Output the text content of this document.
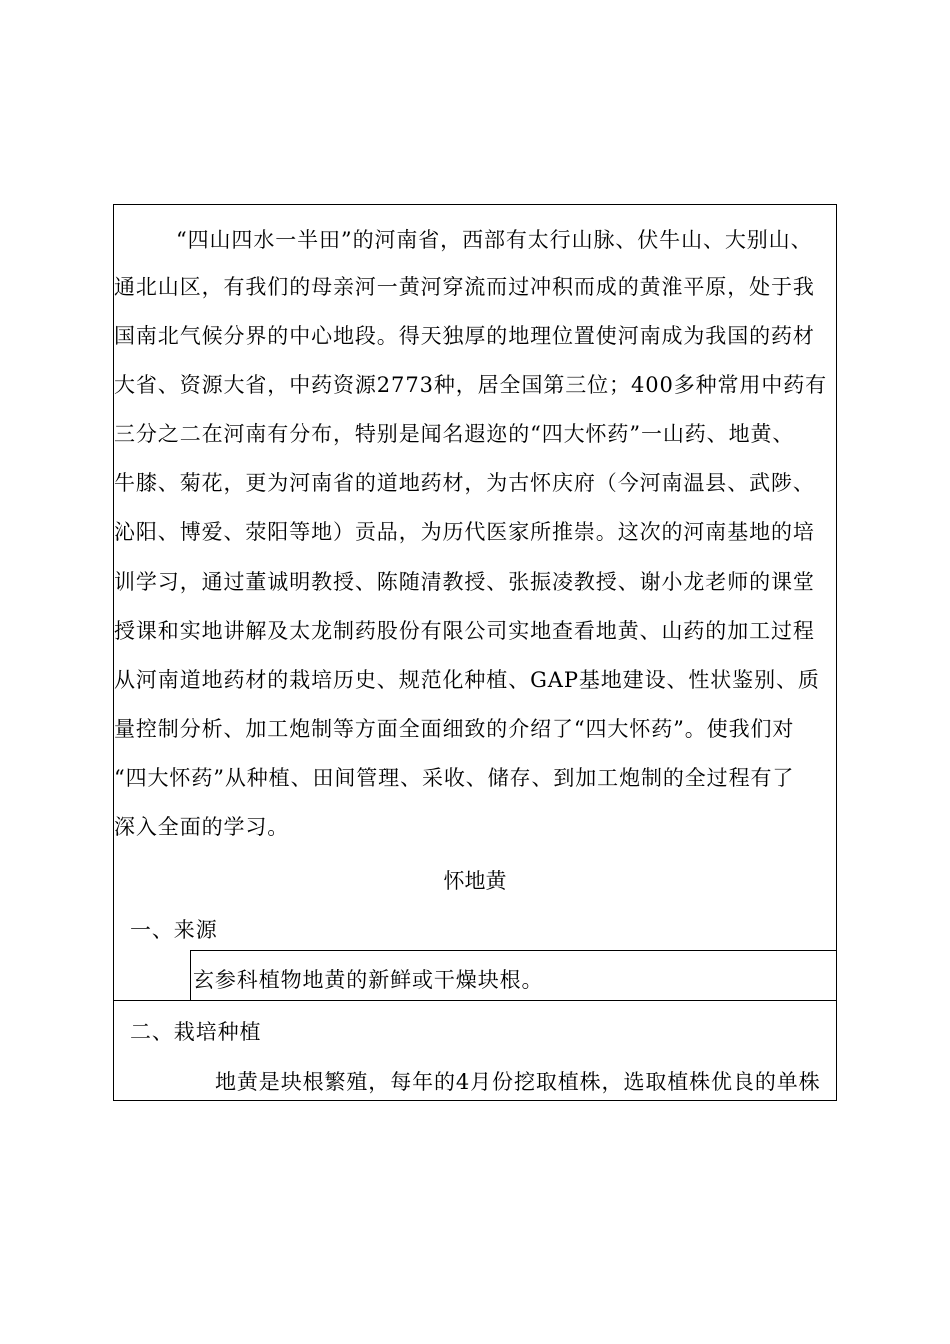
“四山四水一半田”的河南省，西部有太行山脉、伏牛山、大别山、
通北山区，有我们的母亲河一黄河穿流而过冲积而成的黄淮平原，处于我
国南北气候分界的中心地段。得天独厚的地理位置使河南成为我国的药材
大省、资源大省，中药资源2773种，居全国第三位；400多种常用中药有
三分之二在河南有分布，特别是闻名遐迩的“四大怀药”一山药、地黄、
牛膝、菊花，更为河南省的道地药材，为古怀庆府（今河南温县、武陟、
沁阳、博爱、荥阳等地）贡品，为历代医家所推崇。这次的河南基地的培
训学习，通过董诚明教授、陈随清教授、张振凌教授、谢小龙老师的课堂
授课和实地讲解及太龙制药股份有限公司实地查看地黄、山药的加工过程
从河南道地药材的栽培历史、规范化种植、GAP基地建设、性状鉴别、质
量控制分析、加工炮制等方面全面细致的介绍了“四大怀药”。使我们对
“四大怀药”从种植、田间管理、采收、储存、到加工炮制的全过程有了
深入全面的学习。
怀地黄
一、来源
玄参科植物地黄的新鲜或干燥块根。
二、栽培种植
地黄是块根繁殖，每年的4月份挖取植株，选取植株优良的单株
